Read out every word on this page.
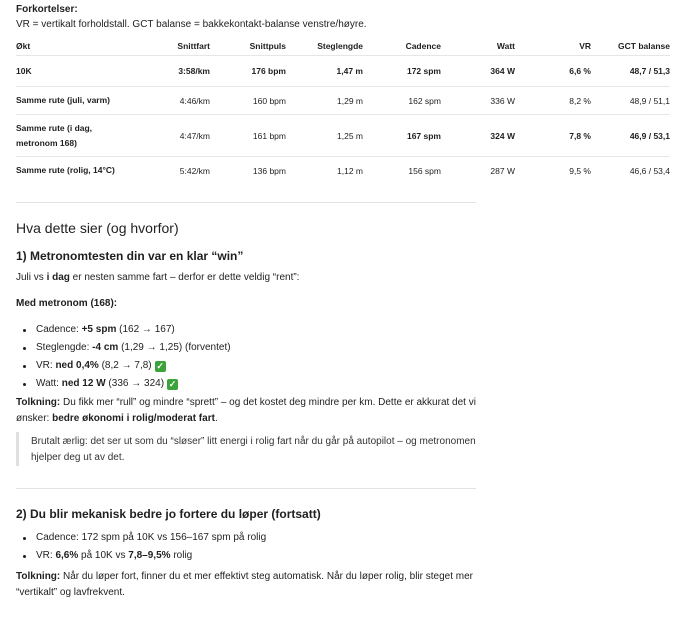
Forkortelser:
VR = vertikalt forholdstall. GCT balanse = bakkekontakt-balanse venstre/høyre.
Økt	Snittfart	Snittpuls	Steglengde	Cadence	Watt	VR	GCT balanse

10K	3:58/km	176 bpm	1,47 m	172 spm	364 W	6,6 %	48,7 / 51,3

Samme rute (juli, varm)	4:46/km	160 bpm	1,29 m	162 spm	336 W	8,2 %	48,9 / 51,1

Samme rute (i dag,
metronom 168)	4:47/km	161 bpm	1,25 m	167 spm	324 W	7,8 %	46,9 / 53,1

Samme rute (rolig, 14°C)	5:42/km	136 bpm	1,12 m	156 spm	287 W	9,5 %	46,6 / 53,4
Hva dette sier (og hvorfor)
1) Metronomtesten din var en klar “win”
Juli vs i dag er nesten samme fart – derfor er dette veldig “rent”:
Med metronom (168):
Cadence: +5 spm (162 → 167)
Steglengde: -4 cm (1,29 → 1,25) (forventet)
VR: ned 0,4% (8,2 → 7,8) ✓
Watt: ned 12 W (336 → 324) ✓
Tolkning: Du fikk mer “rull” og mindre “sprett” – og det kostet deg mindre per km. Dette er akkurat det vi
ønsker: bedre økonomi i rolig/moderat fart.
Brutalt ærlig: det ser ut som du “sløser” litt energi i rolig fart når du går på autopilot – og metronomen
hjelper deg ut av det.
2) Du blir mekanisk bedre jo fortere du løper (fortsatt)
Cadence: 172 spm på 10K vs 156–167 spm på rolig
VR: 6,6% på 10K vs 7,8–9,5% rolig
Tolkning: Når du løper fort, finner du et mer effektivt steg automatisk. Når du løper rolig, blir steget mer
“vertikalt” og lavfrekvent.
